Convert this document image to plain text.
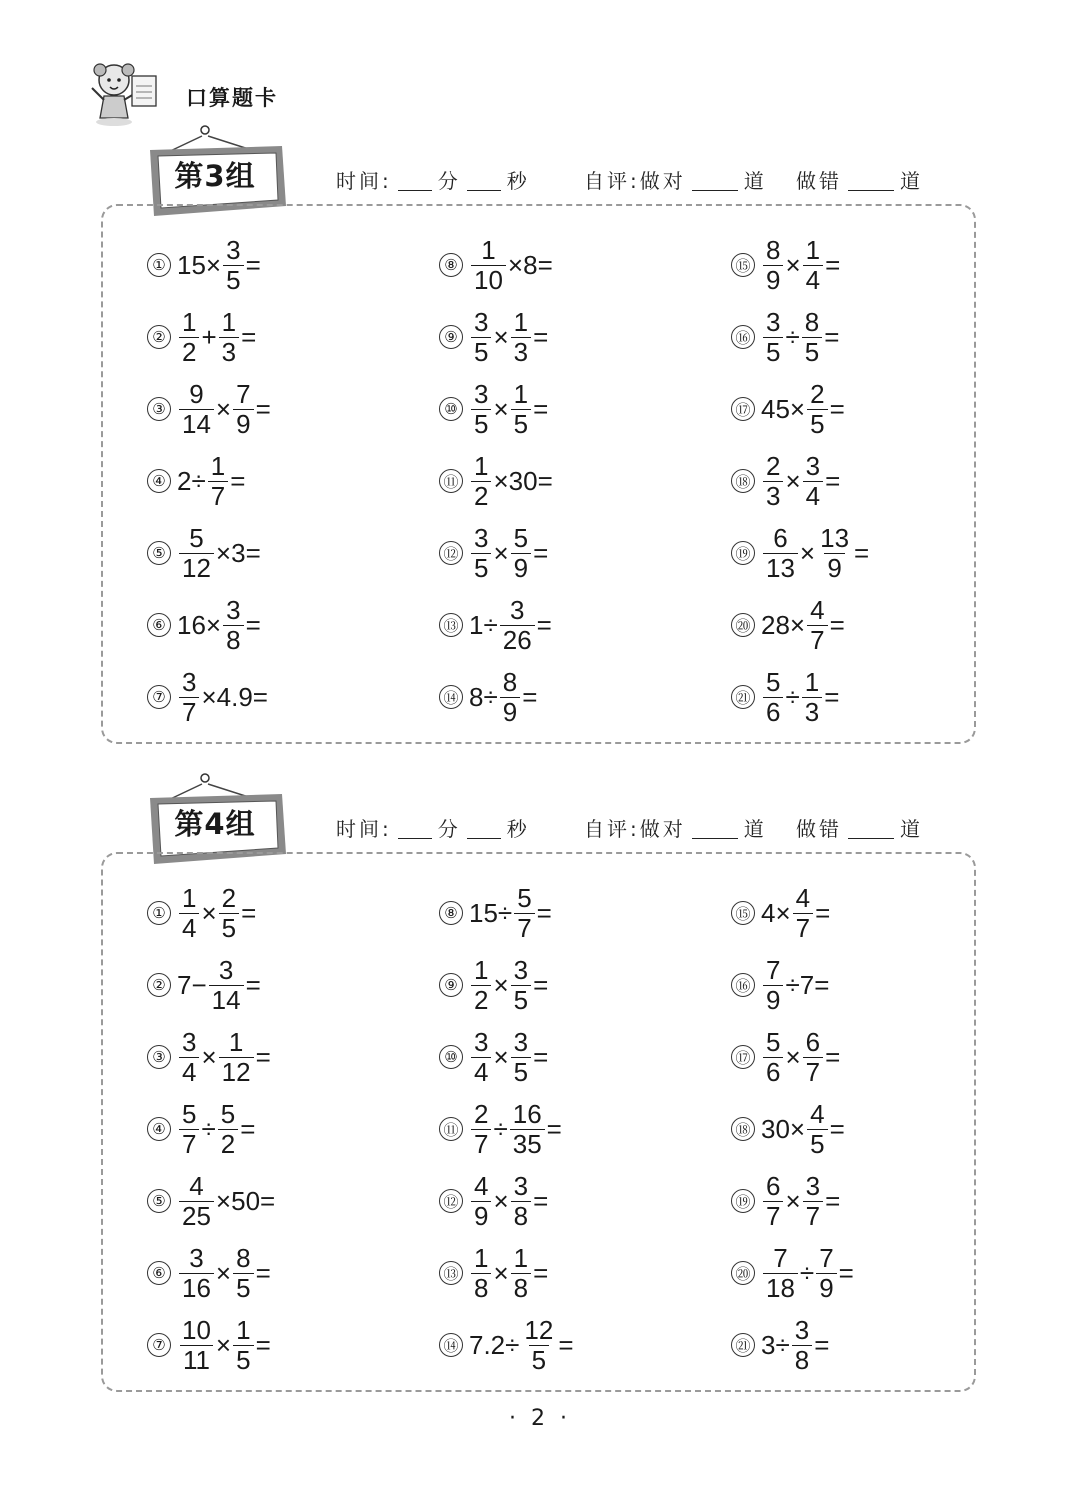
口算题卡
第3组	时间: 分 秒	自评:做对	道 做错	道
① $15\times \frac{3}{5}$ =
② $\frac{1}{2} + \frac{1}{3}$ =
③ $\frac{9}{14} \times \frac{7}{9}$ =
④ $2\div \frac{1}{7}$ =
⑤ $\frac{5}{12} \times 3=$
⑥ $16\times \frac{3}{8}$ =
⑦ $\frac{3}{7} \times 4.9=$
⑧ $\frac{1}{10} \times 8=$
⑨ $\frac{3}{5} \times \frac{1}{3}$ =
⑩ $\frac{3}{5} \times \frac{1}{5}$ =
⑪ $\frac{1}{2} \times 30=$
⑫ $\frac{3}{5} \times \frac{5}{9}$ =
⑬ $1\div \frac{3}{26}$ =
⑭ $8\div \frac{8}{9}$ =
⑮ $\frac{8}{9} \times \frac{1}{4}$ =
⑯ $\frac{3}{5} \div \frac{8}{5}$ =
⑰ $45\times \frac{2}{5}$ =
⑱ $\frac{2}{3} \times \frac{3}{4}$ =
⑲ $\frac{6}{13} \times \frac{13}{9}$ =
⑳ $28\times \frac{4}{7}$ =
㉑ $\frac{5}{6} \div \frac{1}{3}$ =
第4组	时间: 分 秒	自评:做对	道 做错	道
① $\frac{1}{4} \times \frac{2}{5}$ =
② $7- \frac{3}{14}$ =
③ $\frac{3}{4} \times \frac{1}{12}$ =
④ $\frac{5}{7} \div \frac{5}{2}$ =
⑤ $\frac{4}{25} \times 50=$
⑥ $\frac{3}{16} \times \frac{8}{5}$ =
⑦ $\frac{10}{11} \times \frac{1}{5}$ =
⑧ $15\div \frac{5}{7}$ =
⑨ $\frac{1}{2} \times \frac{3}{5}$ =
⑩ $\frac{3}{4} \times \frac{3}{5}$ =
⑪ $\frac{2}{7} \div \frac{16}{35}$ =
⑫ $\frac{4}{9} \times \frac{3}{8}$ =
⑬ $\frac{1}{8} \times \frac{1}{8}$ =
⑭ $7.2\div \frac{12}{5}$ =
⑮ $4\times \frac{4}{7}$ =
⑯ $\frac{7}{9} \div 7=$
⑰ $\frac{5}{6} \times \frac{6}{7}$ =
⑱ $30\times \frac{4}{5}$ =
⑲ $\frac{6}{7} \times \frac{3}{7}$ =
⑳ $\frac{7}{18} \div \frac{7}{9}$ =
㉑ $3\div \frac{3}{8}$ =
· 2 ·
